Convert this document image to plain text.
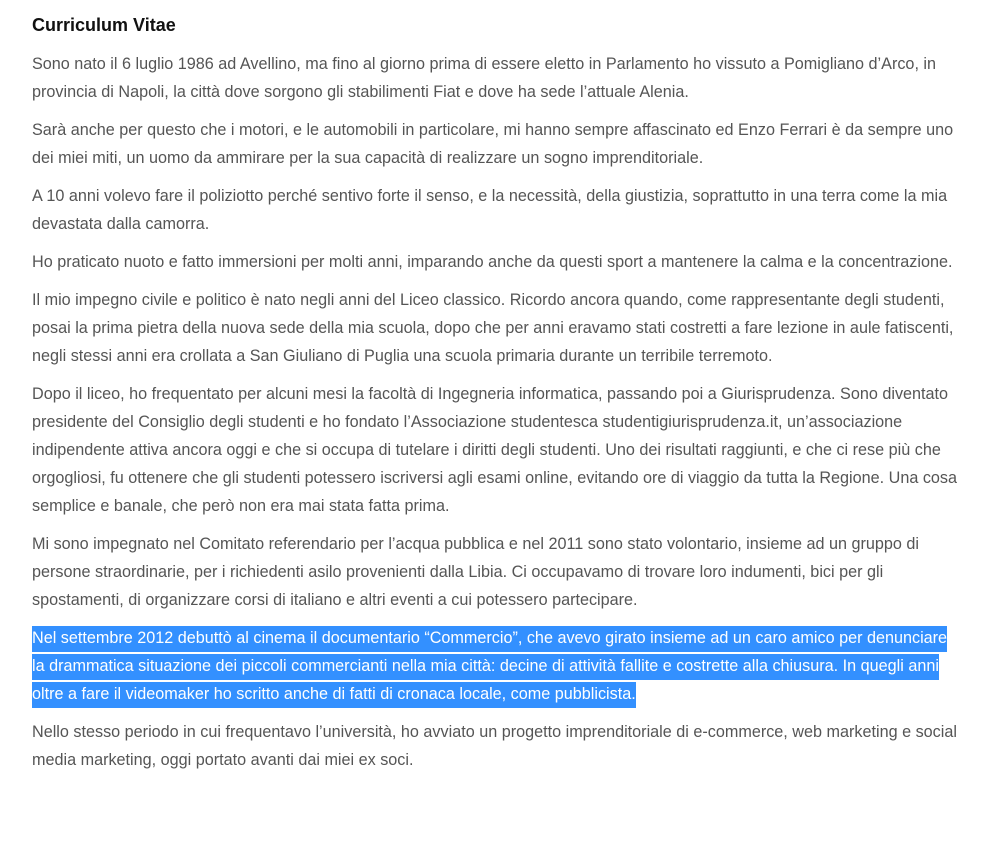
Curriculum Vitae

Sono nato il 6 luglio 1986 ad Avellino, ma fino al giorno prima di essere eletto in Parlamento ho vissuto a Pomigliano d’Arco, in provincia di Napoli, la città dove sorgono gli stabilimenti Fiat e dove ha sede l’attuale Alenia.

Sarà anche per questo che i motori, e le automobili in particolare, mi hanno sempre affascinato ed Enzo Ferrari è da sempre uno dei miei miti, un uomo da ammirare per la sua capacità di realizzare un sogno imprenditoriale.

A 10 anni volevo fare il poliziotto perché sentivo forte il senso, e la necessità, della giustizia, soprattutto in una terra come la mia devastata dalla camorra.

Ho praticato nuoto e fatto immersioni per molti anni, imparando anche da questi sport a mantenere la calma e la concentrazione.

Il mio impegno civile e politico è nato negli anni del Liceo classico. Ricordo ancora quando, come rappresentante degli studenti, posai la prima pietra della nuova sede della mia scuola, dopo che per anni eravamo stati costretti a fare lezione in aule fatiscenti, negli stessi anni era crollata a San Giuliano di Puglia una scuola primaria durante un terribile terremoto.

Dopo il liceo, ho frequentato per alcuni mesi la facoltà di Ingegneria informatica, passando poi a Giurisprudenza. Sono diventato presidente del Consiglio degli studenti e ho fondato l’Associazione studentesca studentigiurisprudenza.it, un’associazione indipendente attiva ancora oggi e che si occupa di tutelare i diritti degli studenti. Uno dei risultati raggiunti, e che ci rese più che orgogliosi, fu ottenere che gli studenti potessero iscriversi agli esami online, evitando ore di viaggio da tutta la Regione. Una cosa semplice e banale, che però non era mai stata fatta prima.

Mi sono impegnato nel Comitato referendario per l’acqua pubblica e nel 2011 sono stato volontario, insieme ad un gruppo di persone straordinarie, per i richiedenti asilo provenienti dalla Libia. Ci occupavamo di trovare loro indumenti, bici per gli spostamenti, di organizzare corsi di italiano e altri eventi a cui potessero partecipare.

Nel settembre 2012 debuttò al cinema il documentario “Commercio”, che avevo girato insieme ad un caro amico per denunciare la drammatica situazione dei piccoli commercianti nella mia città: decine di attività fallite e costrette alla chiusura. In quegli anni oltre a fare il videomaker ho scritto anche di fatti di cronaca locale, come pubblicista.

Nello stesso periodo in cui frequentavo l’università, ho avviato un progetto imprenditoriale di e-commerce, web marketing e social media marketing, oggi portato avanti dai miei ex soci.
